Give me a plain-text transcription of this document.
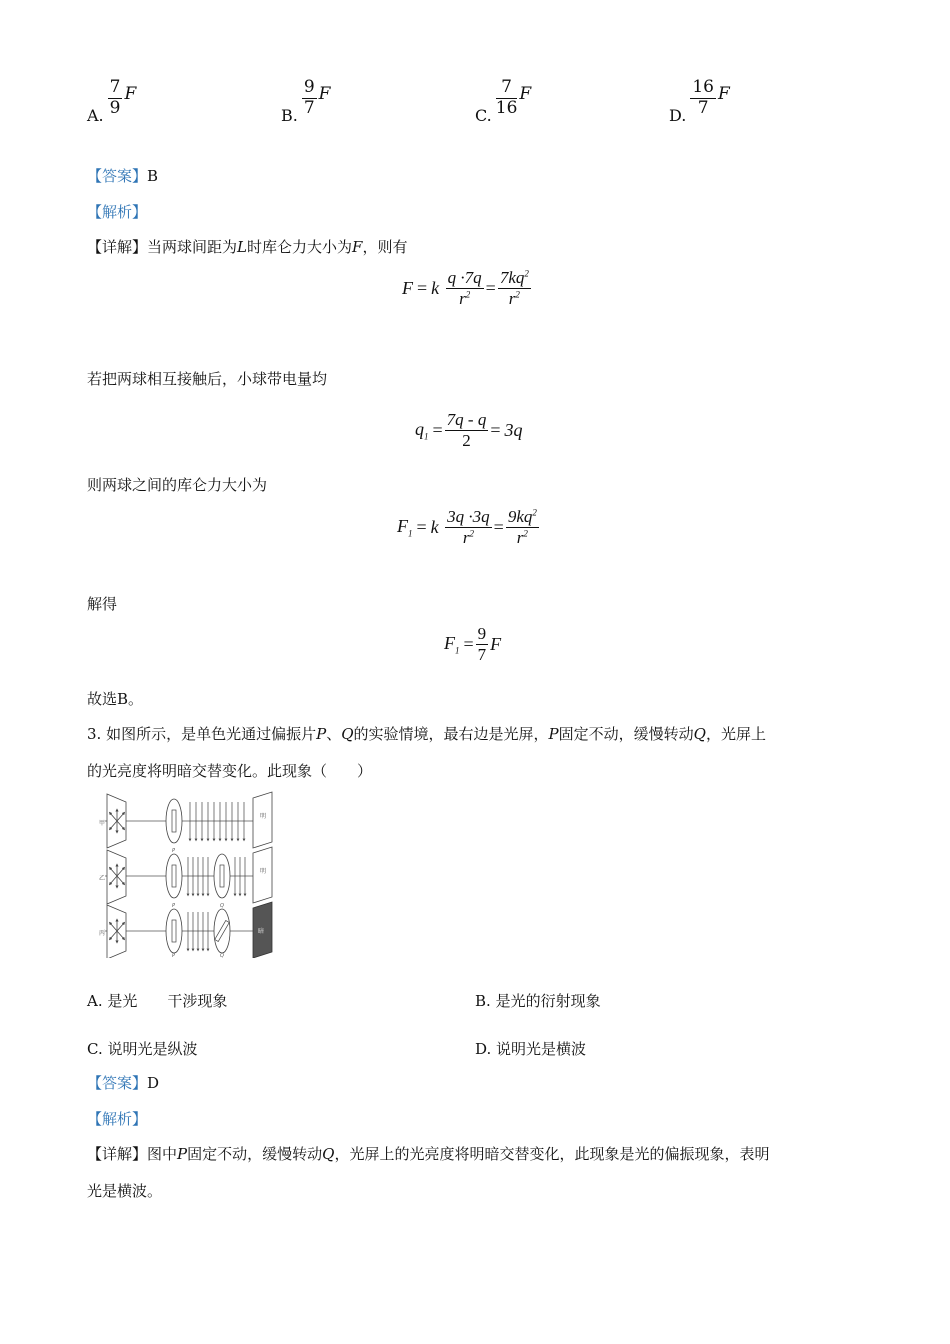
A. $\frac{7}{9}$ F
B. $\frac{9}{7}$ F
C. $\frac{7}{16}$ F
D. $\frac{16}{7}$ F
【答案】B
【解析】
【详解】当两球间距为L时库仑力大小为F，则有
F = k $\frac{q \cdot 7q}{r^2} = \frac{7kq^2}{r^2}$
若把两球相互接触后，小球带电量均
$q_1 = \frac{7q - q}{2} = 3q$
则两球之间的库仑力大小为
$F_1 = k \frac{3q \cdot 3q}{r^2} = \frac{9kq^2}{r^2}$
解得
$F_1 = \frac{9}{7}$ F
故选B。
3. 如图所示，是单色光通过偏振片P、Q的实验情境，最右边是光屏，P固定不动，缓慢转动Q，光屏上
的光亮度将明暗交替变化。此现象（　　）
甲
P
明
乙
P	Q
明
丙
P	Q
暗
A. 是光　　干涉现象	B. 是光的衍射现象
C. 说明光是纵波	D. 说明光是横波
【答案】D
【解析】
【详解】图中P固定不动，缓慢转动Q，光屏上的光亮度将明暗交替变化，此现象是光的偏振现象，表明
光是横波。
